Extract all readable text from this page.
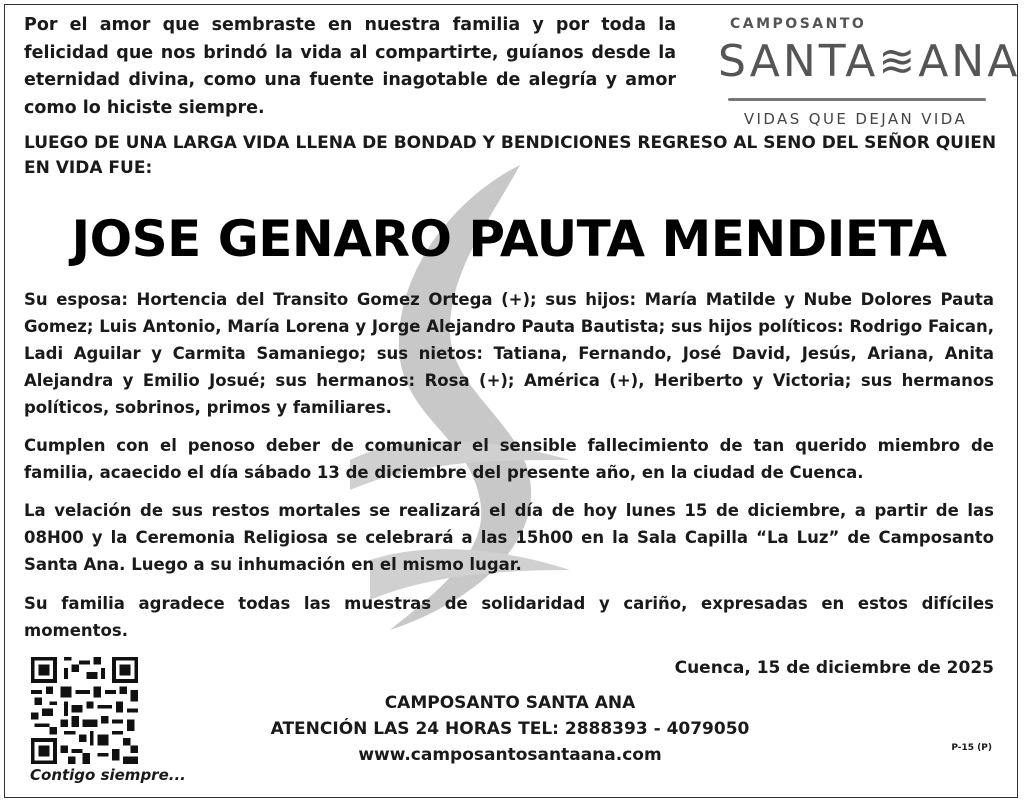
Por el amor que sembraste en nuestra familia y por toda la felicidad que nos brindó la vida al compartirte, guíanos desde la eternidad divina, como una fuente inagotable de alegría y amor como lo hiciste siempre.
CAMPOSANTO
SANTA≋ANA
VIDAS QUE DEJAN VIDA
LUEGO DE UNA LARGA VIDA LLENA DE BONDAD Y BENDICIONES REGRESO AL SENO DEL SEÑOR QUIEN EN VIDA FUE:
JOSE GENARO PAUTA MENDIETA
Su esposa: Hortencia del Transito Gomez Ortega (+); sus hijos: María Matilde y Nube Dolores Pauta Gomez; Luis Antonio, María Lorena y Jorge Alejandro Pauta Bautista; sus hijos políticos: Rodrigo Faican, Ladi Aguilar y Carmita Samaniego; sus nietos: Tatiana, Fernando, José David, Jesús, Ariana, Anita Alejandra y Emilio Josué; sus hermanos: Rosa (+); América (+), Heriberto y Victoria; sus hermanos políticos, sobrinos, primos y familiares.
Cumplen con el penoso deber de comunicar el sensible fallecimiento de tan querido miembro de familia, acaecido el día sábado 13 de diciembre del presente año, en la ciudad de Cuenca.
La velación de sus restos mortales se realizará el día de hoy lunes 15 de diciembre, a partir de las 08H00 y la Ceremonia Religiosa se celebrará a las 15h00 en la Sala Capilla “La Luz” de Camposanto Santa Ana. Luego a su inhumación en el mismo lugar.
Su familia agradece todas las muestras de solidaridad y cariño, expresadas en estos difíciles momentos.
Contigo siempre...
Cuenca, 15 de diciembre de 2025
CAMPOSANTO SANTA ANA
ATENCIÓN LAS 24 HORAS TEL: 2888393 - 4079050
www.camposantosantaana.com	P-15 (P)
